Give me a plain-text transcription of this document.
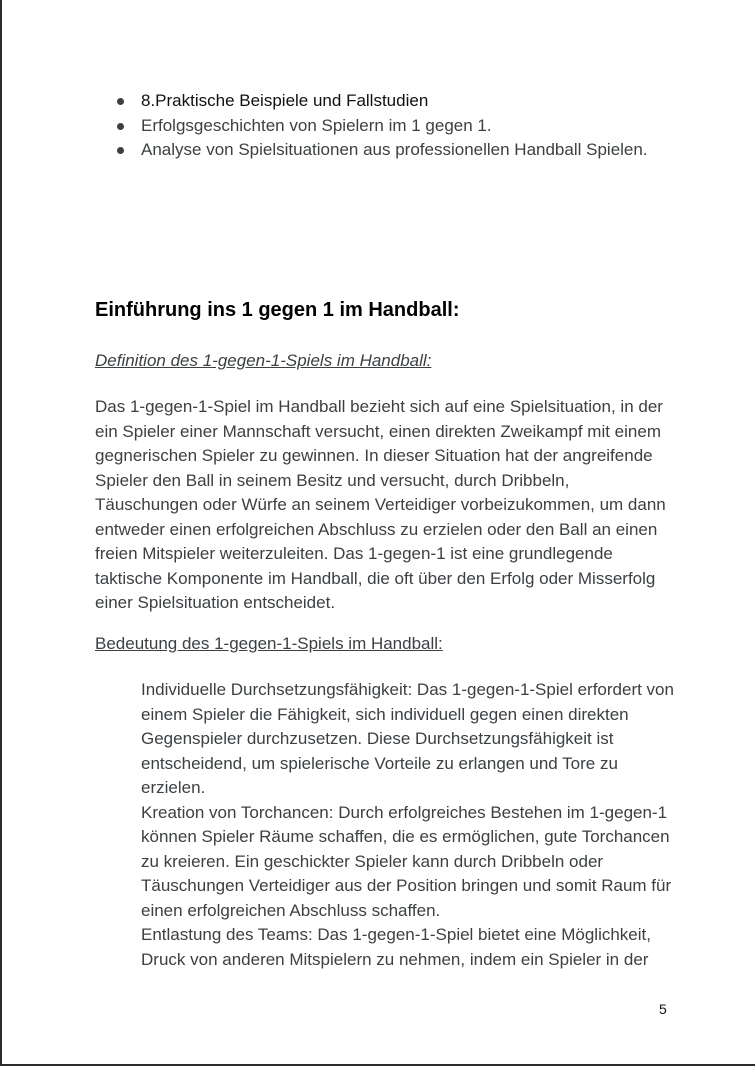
8.Praktische Beispiele und Fallstudien
Erfolgsgeschichten von Spielern im 1 gegen 1.
Analyse von Spielsituationen aus professionellen Handball Spielen.
Einführung ins 1 gegen 1 im Handball:
Definition des 1-gegen-1-Spiels im Handball:

Das 1-gegen-1-Spiel im Handball bezieht sich auf eine Spielsituation, in der ein Spieler einer Mannschaft versucht, einen direkten Zweikampf mit einem gegnerischen Spieler zu gewinnen. In dieser Situation hat der angreifende Spieler den Ball in seinem Besitz und versucht, durch Dribbeln, Täuschungen oder Würfe an seinem Verteidiger vorbeizukommen, um dann entweder einen erfolgreichen Abschluss zu erzielen oder den Ball an einen freien Mitspieler weiterzuleiten. Das 1-gegen-1 ist eine grundlegende taktische Komponente im Handball, die oft über den Erfolg oder Misserfolg einer Spielsituation entscheidet.

Bedeutung des 1-gegen-1-Spiels im Handball:
Individuelle Durchsetzungsfähigkeit: Das 1-gegen-1-Spiel erfordert von einem Spieler die Fähigkeit, sich individuell gegen einen direkten Gegenspieler durchzusetzen. Diese Durchsetzungsfähigkeit ist entscheidend, um spielerische Vorteile zu erlangen und Tore zu erzielen.
Kreation von Torchancen: Durch erfolgreiches Bestehen im 1-gegen-1 können Spieler Räume schaffen, die es ermöglichen, gute Torchancen zu kreieren. Ein geschickter Spieler kann durch Dribbeln oder Täuschungen Verteidiger aus der Position bringen und somit Raum für einen erfolgreichen Abschluss schaffen.
Entlastung des Teams: Das 1-gegen-1-Spiel bietet eine Möglichkeit, Druck von anderen Mitspielern zu nehmen, indem ein Spieler in der
5
